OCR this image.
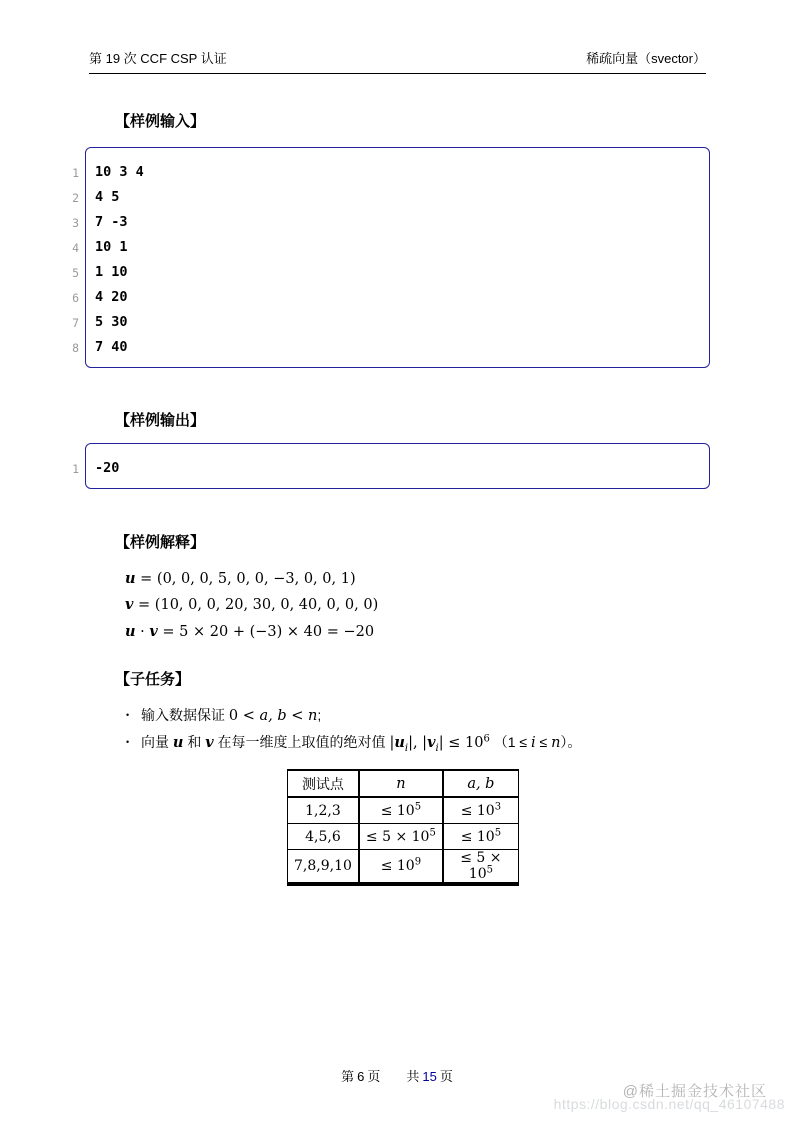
第 19 次 CCF CSP 认证	稀疏向量（svector）
【样例输入】
1
2
3
4
5
6
7
8
10 3 4
4 5
7 -3
10 1
1 10
4 20
5 30
7 40
【样例输出】
1	-20
【样例解释】
u = (0, 0, 0, 5, 0, 0, −3, 0, 0, 1)
v = (10, 0, 0, 20, 30, 0, 40, 0, 0, 0)
u · v = 5 × 20 + (−3) × 40 = −20
【子任务】
• 输入数据保证 0 < a, b < n;
• 向量 u 和 v 在每一维度上取值的绝对值 $|u_i|$, $|v_i| \le 10^6$ （1 ≤ i ≤ n）。
测试点	n	a, b
1,2,3	≤ $10^5$	≤ $10^3$
4,5,6	≤ $5 \times 10^5$	≤ $10^5$
7,8,9,10	≤ $10^9$	≤ $5 \times 10^5$
第 6 页 共 15 页
@稀土掘金技术社区
https://blog.csdn.net/qq_46107488
